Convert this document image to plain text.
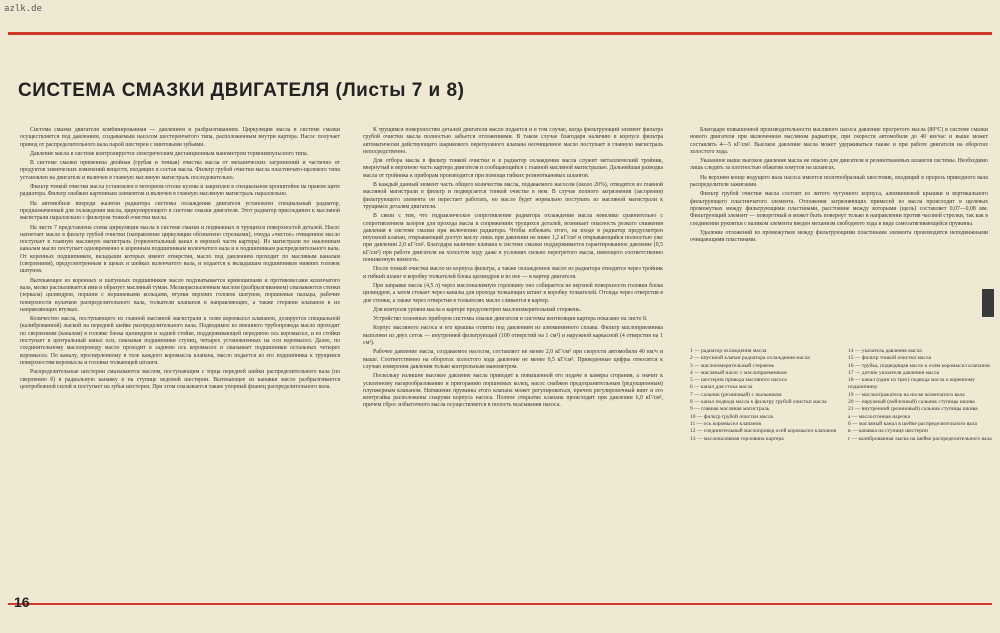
azlk.de
СИСТЕМА СМАЗКИ ДВИГАТЕЛЯ (Листы 7 и 8)

Система смазки двигателя комбинированная — давлением и разбрызгиванием. Циркуляция масла в системе смазки осуществляется под давлением, создаваемым насосом шестеренчатого типа, расположенным внутри картера. Насос получает привод от распределительного вала парой шестерен с винтовыми зубьями.

Давление масла в системе контролируется электрическим дистанционным манометром термоимпульсного типа.

В системе смазки применена двойная (грубая и тонкая) очистка масла от механических загрязнений и частично от продуктов химических изменений веществ, входящих в состав масла. Фильтр грубой очистки масла пластинчато-щелевого типа установлен на двигателе и включен в главную масляную магистраль последовательно.

Фильтр тонкой очистки масла установлен в моторном отсеке кузова и закреплен в специальном кронштейне на правом щите радиатора. Фильтр снабжен картонным элементом и включен в главную масляную магистраль параллельно.

На автомобиле впереди жалюзи радиатора системы охлаждения двигателя установлен специальный радиатор, предназначенный для охлаждения масла, циркулирующего в системе смазки двигателя. Этот радиатор присоединен к масляной магистрали параллельно с фильтром тонкой очистки масла.

На листе 7 представлена схема циркуляции масла в системе смазки и подвижных и трущихся поверхностей деталей. Насос нагнетает масло в фильтр грубой очистки (направление циркуляции обозначено стрелками), откуда «чистое» очищенное масло поступает в главную масляную магистраль (горизонтальный канал в верхней части картера). Из магистрали по наклонным каналам масло поступает одновременно к коренным подшипникам коленчатого вала и к подшипникам распределительного вала. От коренных подшипников, вкладыши которых имеют отверстия, масло под давлением проходит по масляным каналам (сверлениям), предусмотренным в щеках и шейках коленчатого вала, и подается к вкладышам подшипников нижних головок шатунов.

Вытекающее из коренных и шатунных подшипников масло подхватывается кривошипами и противовесами коленчатого вала, мелко распыливается ими и образует масляный туман. Мелкораспыленным маслом (разбрызгиванием) смазываются стенки (зеркала) цилиндров, поршни с поршневыми кольцами, втулки верхних головок шатунов, поршневые пальцы, рабочие поверхности кулачков распределительного вала, толкатели клапанов в направляющих, а также стержни клапанов в их направляющих втулках.

Количество масла, поступающего из главной масляной магистрали к осям коромысел клапанов, дозируется специальной (калиброванной) лыской на передней шейке распределительного вала. Подводимое из внешнего трубопровода масло проходит по сверлениям (каналам) в головке блока цилиндров и задней стойке, поддерживающей переднюю ось коромысел, и из стойки поступает в центральный канал оси, смазывая подшипники ступиц, четырех установленных на оси коромысел. Далее, по соединительному маслопроводу масло проходит в заднюю ось коромысел и смазывает подшипники остальных четырех коромысел. По каналу, просверленному в теле каждого коромысла клапана, масло подается из его подшипника к трущимся поверхностям коромысла и головки толкающей штанги.

Распределительные шестерни смазываются маслом, поступающим с торца передней шейки распределительного вала (по сверлению б) в радиальную канавку в на ступице ведомой шестерни. Вытекающее из канавки масло разбрызгивается центробежной силой и поступает на зубья шестерен. При этом смазывается также упорный фланец распределительного вала.

К трущимся поверхностям деталей двигателя масло подается и в том случае, когда фильтрующий элемент фильтра грубой очистки масла полностью забьется отложениями. В таком случае благодаря наличию в корпусе фильтра автоматически действующего шарикового перепускного клапана неочищенное масло поступает в главную магистраль непосредственно.

Для отбора масла в фильтр тонкой очистки и в радиатор охлаждения масла служит металлический тройник, ввернутый в верхнюю часть картера двигателя и сообщающийся с главной масляной магистралью. Дальнейшая разводка масла от тройника к приборам производится при помощи гибких резинотканевых шлангов.

В каждый данный момент часть общего количества масла, подаваемого насосом (около 20%), отводится из главной масляной магистрали в фильтр и подвергается тонкой очистке в нем. В случае полного загрязнения (засорения) фильтрующего элемента он перестает работать, но масло будет нормально поступать из масляной магистрали к трущимся деталям двигателя.

В связи с тем, что гидравлическое сопротивление радиатора охлаждения масла невелико сравнительно с сопротивлением зазоров для прохода масла в сопряжениях трущихся деталей, возникает опасность резкого снижения давления в системе смазки при включении радиатора. Чтобы избежать этого, на входе в радиатор предусмотрен впускной клапан, открывающий доступ маслу лишь при давлении не ниже 1,2 кГ/см² и открывающийся полностью уже при давлении 2,0 кГ/см². Благодаря наличию клапана в системе смазки поддерживается гарантированное давление (0,5 кГ/см²) при работе двигателя на холостом ходу даже в условиях сильно перегретого масла, имеющего соответственно пониженную вязкость.

После тонкой очистки масло из корпуса фильтра, а также охлажденное масло из радиатора отводятся через тройник и гибкий шланг в коробку толкателей блока цилиндров и из нее — в картер двигателя.

При заправке масла (4,5 л) через маслоналивную горловину оно собирается не верхней поверхности головки блока цилиндров, а затем стекает через каналы для прохода толкающих штанг в коробку толкателей. Отсюда через отверстия в дне стенки, а также через отверстия в толкателях масло сливается в картер.

Для контроля уровня масла в картере предусмотрен маслоизмерительный стержень.

Устройство основных приборов системы смазки двигателя и системы вентиляции картера показано на листе 8.

Корпус масляного насоса и его крышка отлиты под давлением из алюминиевого сплава. Фильтр маслоприемника выполнен из двух сеток — внутренней фильтрующей (100 отверстий на 1 см²) и наружной каркасной (4 отверстия на 1 см²).

Рабочее давление масла, создаваемое насосом, составляет не менее 2,0 кГ/см² при скорости автомобиля 40 км/ч и выше. Соответственно на оборотах холостого хода давление не менее 0,5 кГ/см². Приведенные цифры относятся к случаю измерения давления только контрольным манометром.

Поскольку излишне высокое давление масла приводит к повышенной его подаче в камеры сгорания, а значит к усиленному нагарообразованию и пригоранию поршневых колец, насос снабжен предохранительным (редукционным) плунжерным клапаном. Натяжение пружины этого клапана может регулироваться, причем регулировочный винт и его контргайка расположены снаружи корпуса насоса. Полное открытие клапана происходит при давлении 6,0 кГ/см², причем сброс избыточного масла осуществляется в полость всасывания насоса.

Благодаря повышенной производительности масляного насоса давление прогретого масла (80°С) в системе смазки нового двигателя при включенном масляном радиаторе, при скорости автомобиля до 40 км/час и выше может составлять 4—5 кГ/см². Высокое давление масла может удерживаться также и при работе двигателя на оборотах холостого хода.

Указанное выше высокое давление масла не опасно для двигателя и резинотканевых шлангов системы. Необходимо лишь следить за плотностью обжатия хомутов на шлангах.

На верхнем конце ведущего вала насоса имеется полптообразный хвостовик, входящий в прорезь приводного вала распределителя зажигания.

Фильтр грубой очистки масла состоит из литого чугунного корпуса, алюминиевой крышки и вертикального фильтрующего пластинчатого элемента. Отложения загрязняющих примесей из масла происходит в щелевых промежутках между фильтрующими пластинами, расстояние между которыми (щель) составляет 0,07—0,08 мм. Фильтрующий элемент — поворотный и может быть повернут только в направлении против часовой стрелки, так как в соединении рукоятки с валиком элемента введен механизм свободного хода в виде самозатягивающейся пружины.

Удаление отложений из промежутков между фильтрующими пластинами элемента производится неподвижными очищающими пластинами.

1 — радиатор охлаждения масла
2 — впускной клапан радиатора охлаждения масла
3 — маслоизмерительный стержень
4 — масляный насос с маслоприемником
5 — шестерни привода масляного насоса
6 — канал для стока масла
7 — сальник (резиновый) с пыльником
8 — канал подвода масла к фильтру грубой очистки масла
9 — главная масляная магистраль
10 — фильтр грубой очистки масла
11 — ось коромысел клапанов
12 — соединительный маслопровод осей коромысел клапанов
13 — маслоналивная горловина картера
14 — указатель давления масла
15 — фильтр тонкой очистки масла
16 — трубка, подводящая масло к осям коромысел клапанов
17 — датчик указателя давления масла
18 — канал (один из трех) подвода масла к коренному подшипнику
19 — маслоотражатель на носке коленчатого вала
20 — наружный (войлочный) сальник ступицы шкива
21 — внутренний (резиновый) сальник ступицы шкива
а — маслосгонная нарезка
б — масляный канал в шейке распределительного вала
в — канавка на ступице шестерни
г — калиброванная лыска на шейке распределительного вала
16
